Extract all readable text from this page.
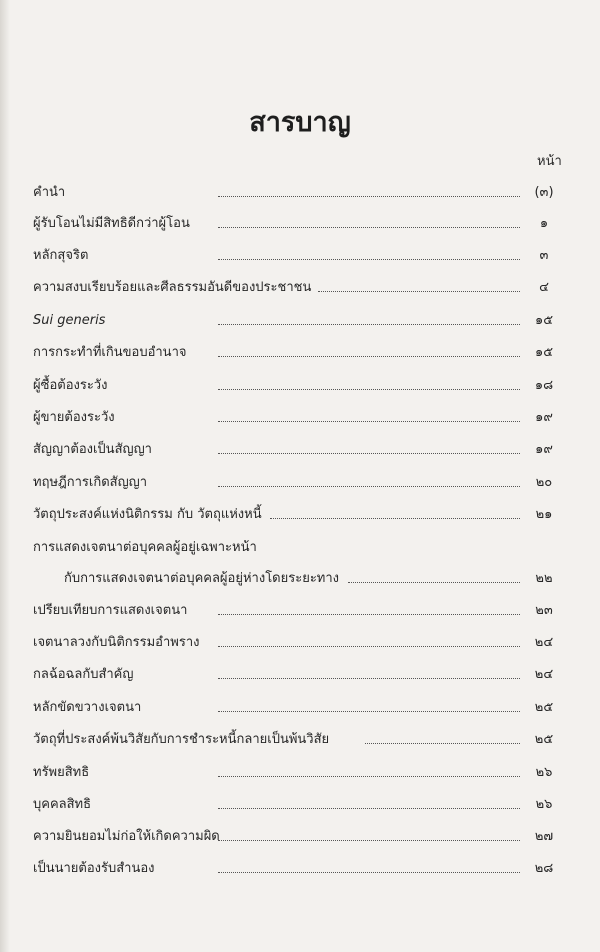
สารบาญ
หน้า
คำนำ	(๓)
ผู้รับโอนไม่มีสิทธิดีกว่าผู้โอน	๑
หลักสุจริต	๓
ความสงบเรียบร้อยและศีลธรรมอันดีของประชาชน	๔
Sui generis	๑๕
การกระทำที่เกินขอบอำนาจ	๑๕
ผู้ซื้อต้องระวัง	๑๘
ผู้ขายต้องระวัง	๑๙
สัญญาต้องเป็นสัญญา	๑๙
ทฤษฎีการเกิดสัญญา	๒๐
วัตถุประสงค์แห่งนิติกรรม กับ วัตถุแห่งหนี้	๒๑
การแสดงเจตนาต่อบุคคลผู้อยู่เฉพาะหน้า
กับการแสดงเจตนาต่อบุคคลผู้อยู่ห่างโดยระยะทาง	๒๒
เปรียบเทียบการแสดงเจตนา	๒๓
เจตนาลวงกับนิติกรรมอำพราง	๒๔
กลฉ้อฉลกับสำคัญ	๒๔
หลักขัดขวางเจตนา	๒๕
วัตถุที่ประสงค์พ้นวิสัยกับการชำระหนี้กลายเป็นพ้นวิสัย	๒๕
ทรัพยสิทธิ	๒๖
บุคคลสิทธิ	๒๖
ความยินยอมไม่ก่อให้เกิดความผิด	๒๗
เป็นนายต้องรับสำนอง	๒๘
